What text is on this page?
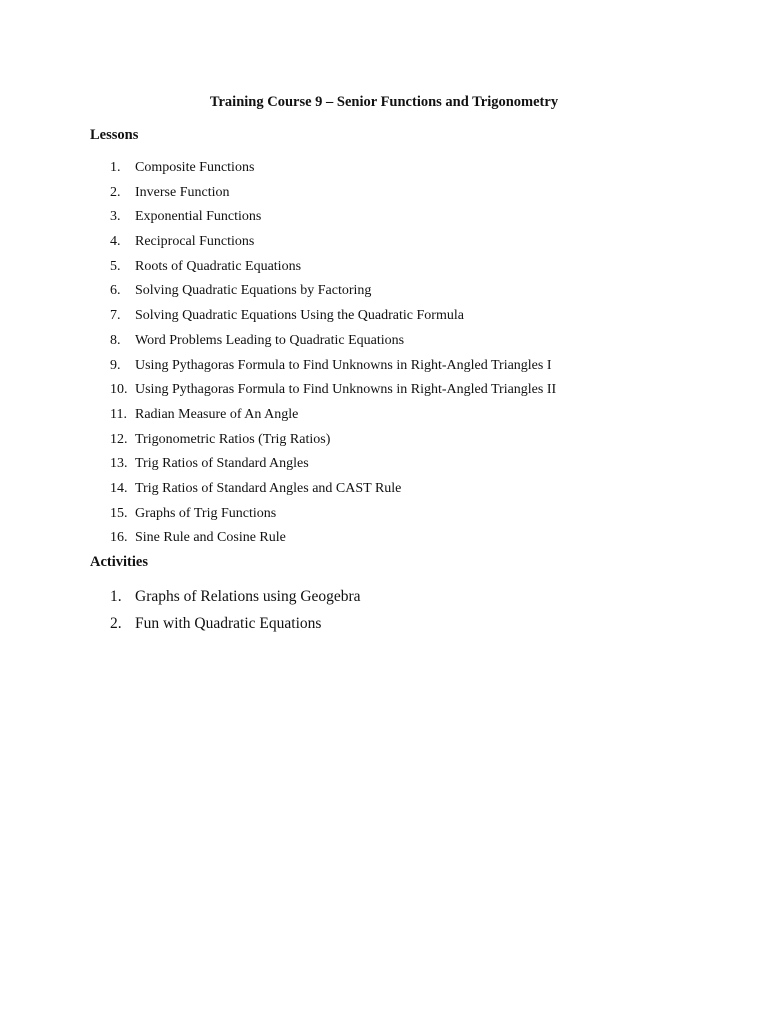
Training Course 9 – Senior Functions and Trigonometry
Lessons
1.	Composite Functions
2.	Inverse Function
3.	Exponential Functions
4.	Reciprocal Functions
5.	Roots of Quadratic Equations
6.	Solving Quadratic Equations by Factoring
7.	Solving Quadratic Equations Using the Quadratic Formula
8.	Word Problems Leading to Quadratic Equations
9.	Using Pythagoras Formula to Find Unknowns in Right-Angled Triangles I
10. Using Pythagoras Formula to Find Unknowns in Right-Angled Triangles II
11. Radian Measure of An Angle
12. Trigonometric Ratios (Trig Ratios)
13. Trig Ratios of Standard Angles
14. Trig Ratios of Standard Angles and CAST Rule
15. Graphs of Trig Functions
16. Sine Rule and Cosine Rule
Activities
1. Graphs of Relations using Geogebra
2. Fun with Quadratic Equations
